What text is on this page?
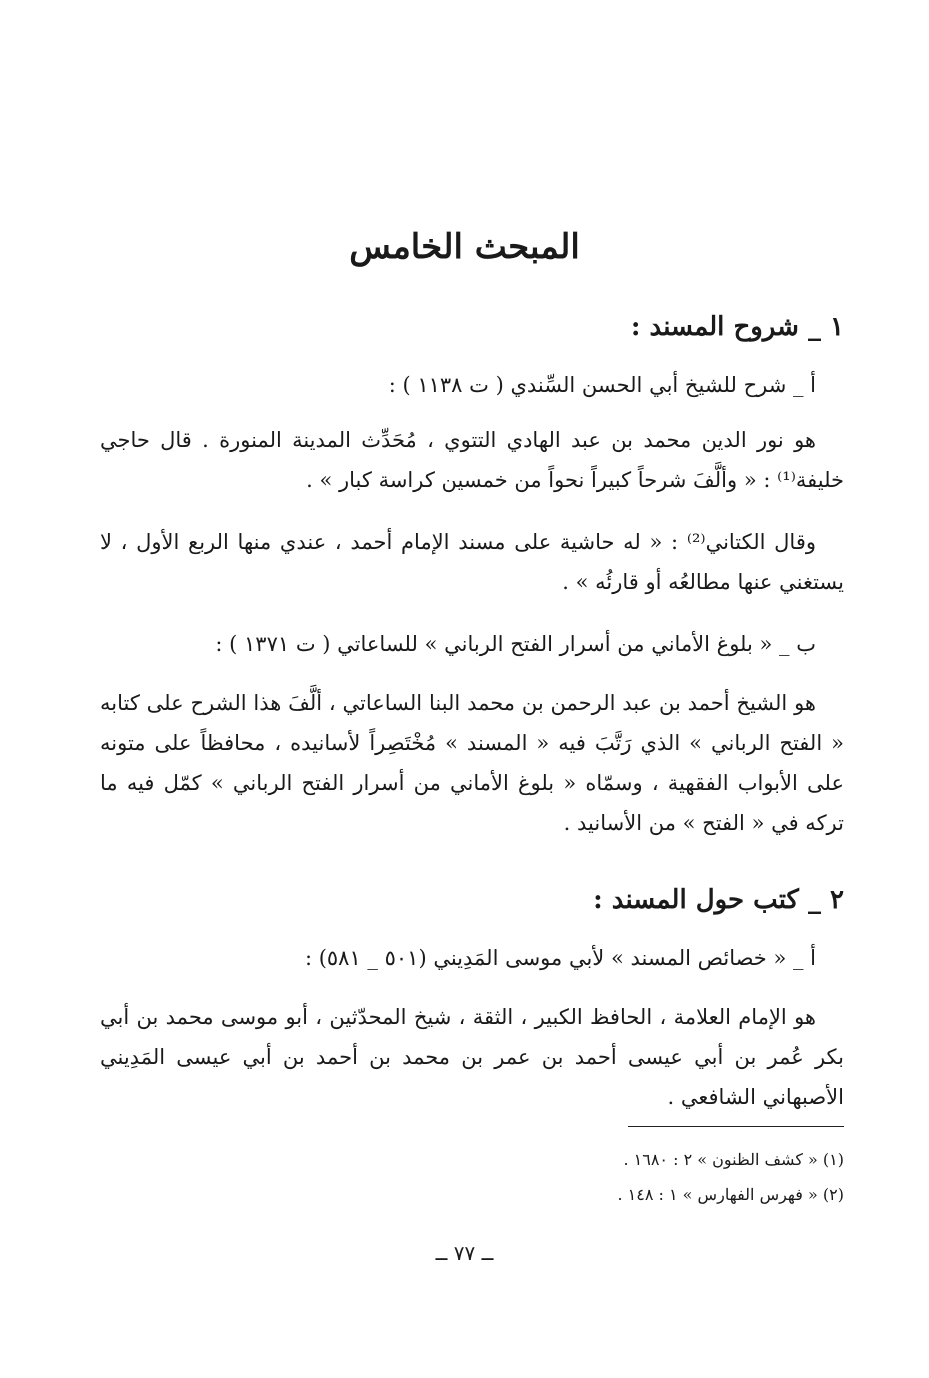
المبحث الخامس
١ _ شروح المسند :
أ _ شرح للشيخ أبي الحسن السِّندي ( ت ١١٣٨ ) :
هو نور الدين محمد بن عبد الهادي التتوي ، مُحَدِّث المدينة المنورة . قال حاجي خليفة⁽¹⁾ : « وألَّفَ شرحاً كبيراً نحواً من خمسين كراسة كبار » .
وقال الكتاني⁽²⁾ : « له حاشية على مسند الإمام أحمد ، عندي منها الربع الأول ، لا يستغني عنها مطالعُه أو قارئُه » .
ب _ « بلوغ الأماني من أسرار الفتح الرباني » للساعاتي ( ت ١٣٧١ ) :
هو الشيخ أحمد بن عبد الرحمن بن محمد البنا الساعاتي ، ألَّفَ هذا الشرح على كتابه « الفتح الرباني » الذي رَتَّبَ فيه « المسند » مُخْتَصِراً لأسانيده ، محافظاً على متونه على الأبواب الفقهية ، وسمّاه « بلوغ الأماني من أسرار الفتح الرباني » كمّل فيه ما تركه في « الفتح » من الأسانيد .
٢ _ كتب حول المسند :
أ _ « خصائص المسند » لأبي موسى المَدِيني (٥٠١ _ ٥٨١) :
هو الإمام العلامة ، الحافظ الكبير ، الثقة ، شيخ المحدّثين ، أبو موسى محمد بن أبي بكر عُمر بن أبي عيسى أحمد بن عمر بن محمد بن أحمد بن أبي عيسى المَدِيني الأصبهاني الشافعي .
(١) « كشف الظنون » ٢ : ١٦٨٠ .
(٢) « فهرس الفهارس » ١ : ١٤٨ .
ــ ٧٧ ــ
